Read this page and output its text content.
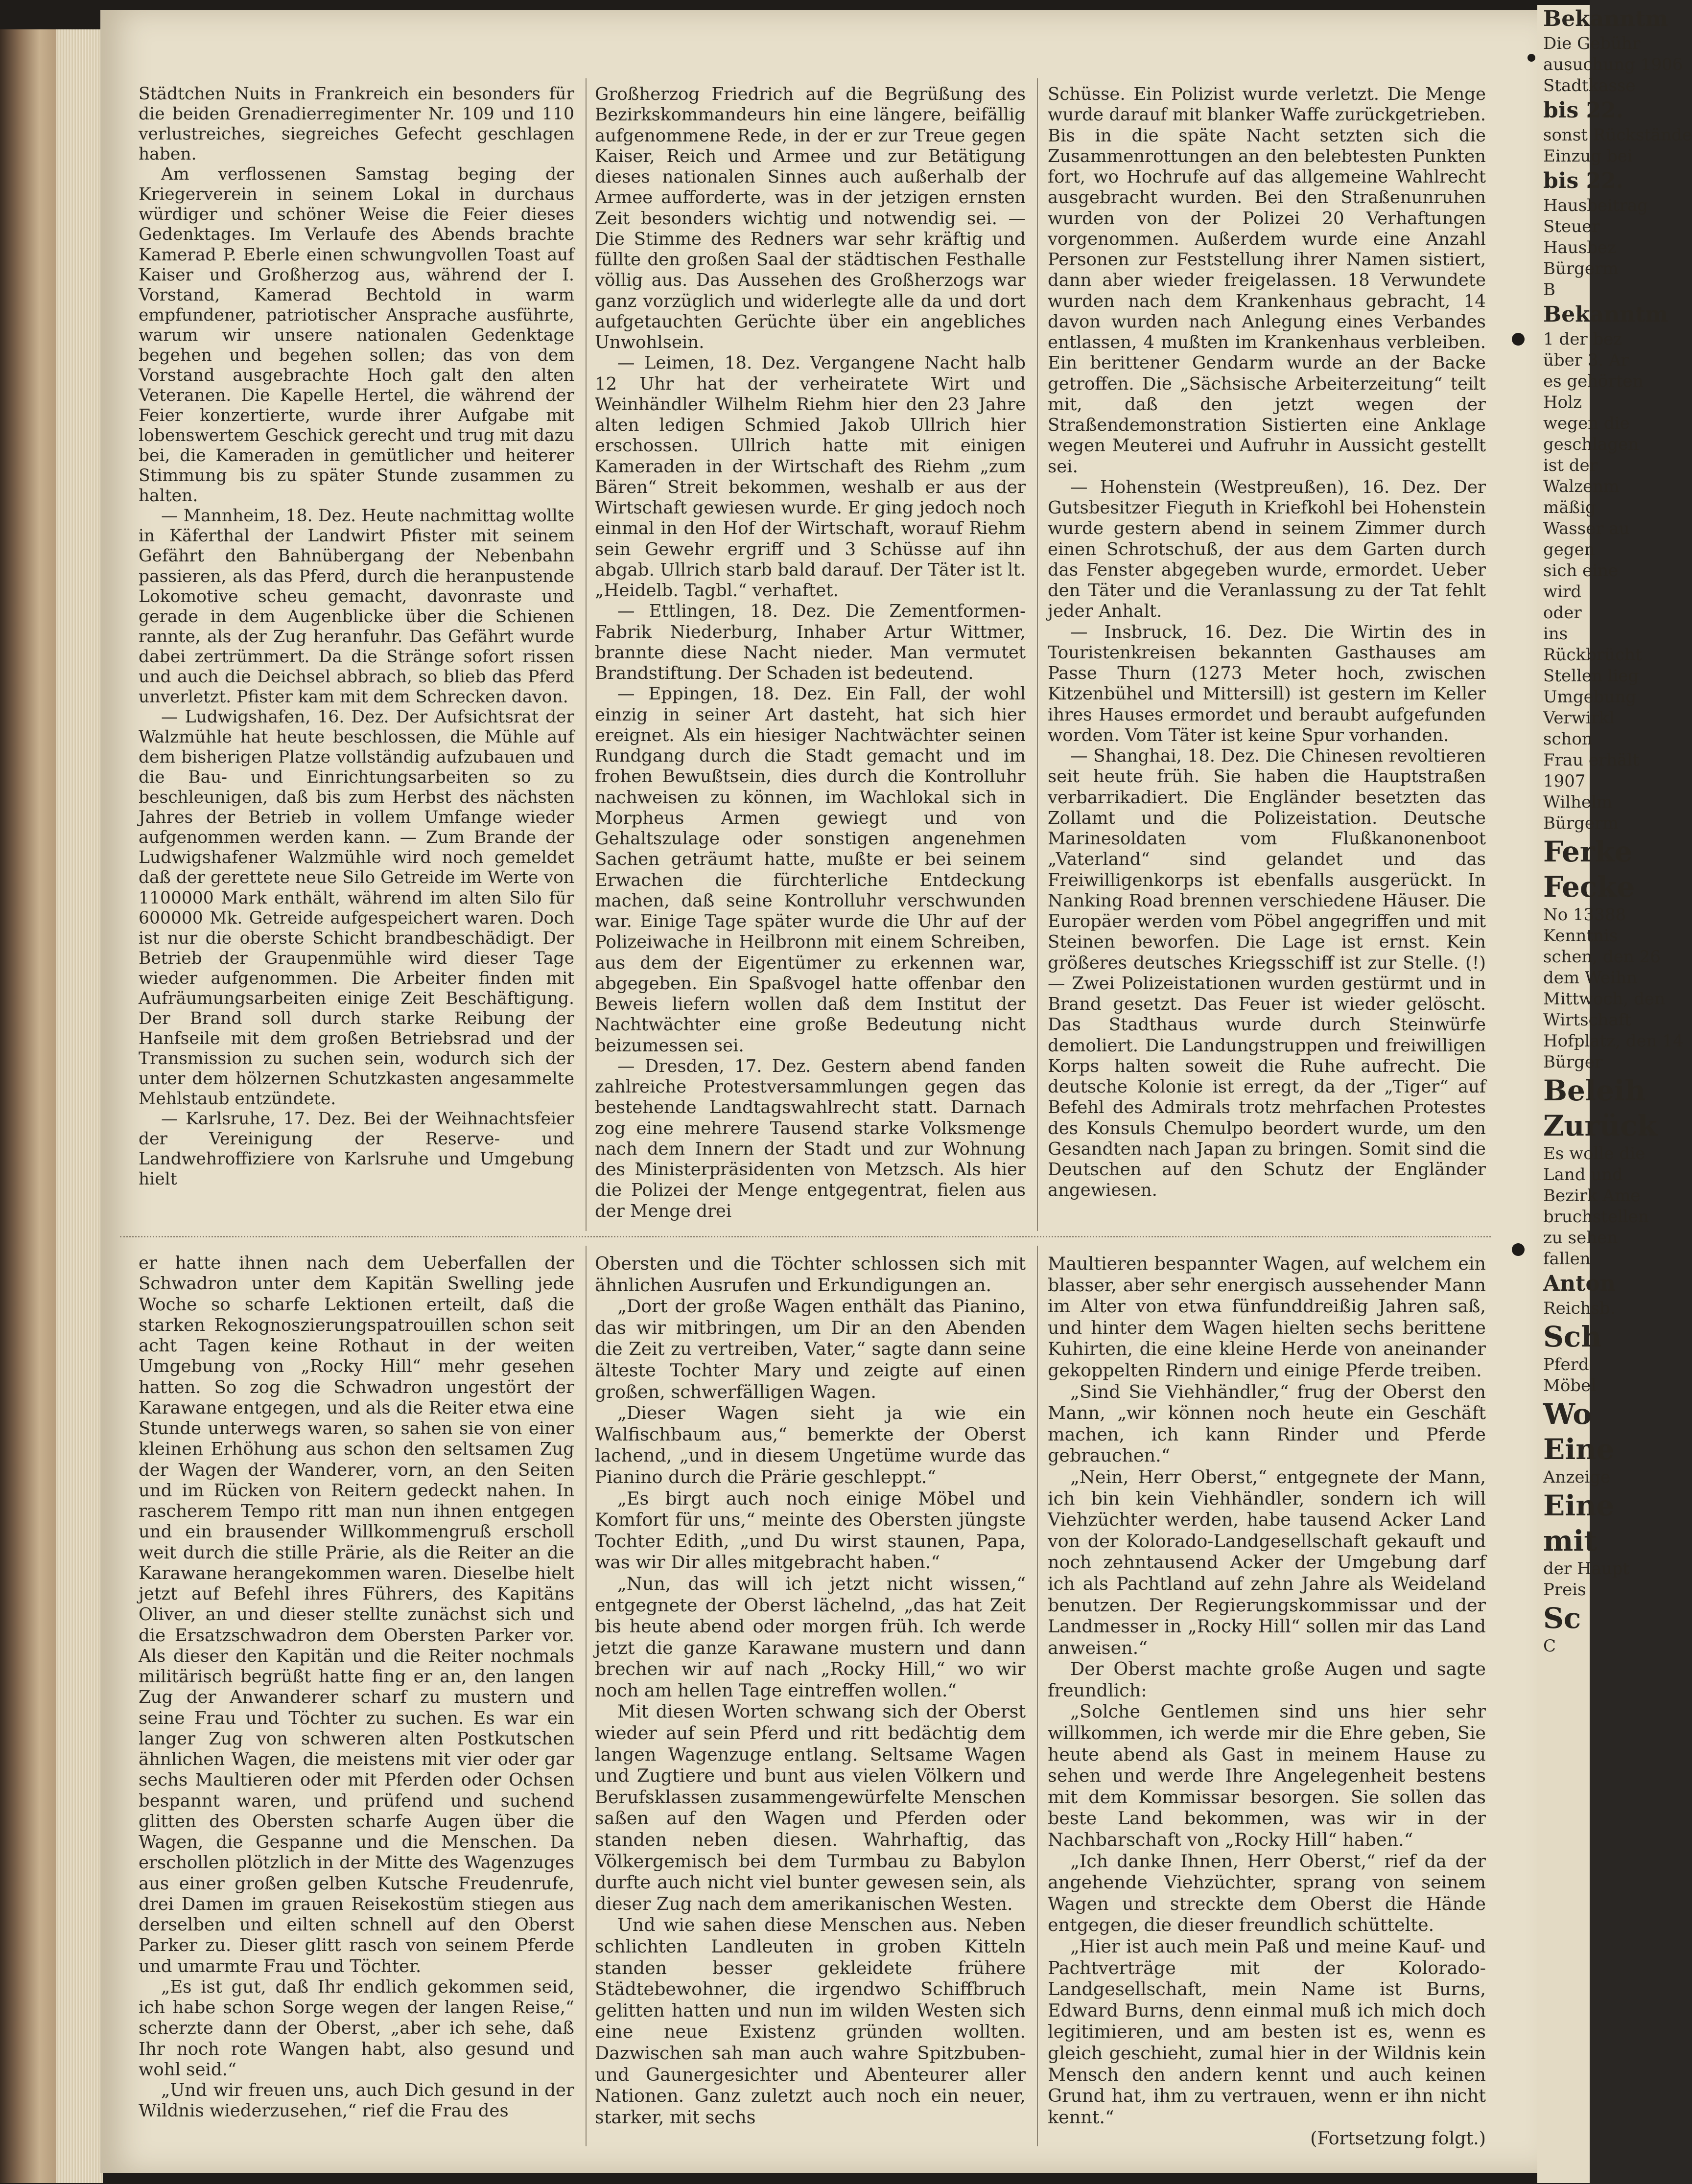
Städtchen Nuits in Frankreich ein besonders für die beiden Grenadierregimenter Nr. 109 und 110 verlustreiches, siegreiches Gefecht geschlagen haben.

Am verflossenen Samstag beging der Kriegerverein in seinem Lokal in durchaus würdiger und schöner Weise die Feier dieses Gedenktages. Im Verlaufe des Abends brachte Kamerad P. Eberle einen schwungvollen Toast auf Kaiser und Großherzog aus, während der I. Vorstand, Kamerad Bechtold in warm empfundener, patriotischer Ansprache ausführte, warum wir unsere nationalen Gedenktage begehen und begehen sollen; das von dem Vorstand ausgebrachte Hoch galt den alten Veteranen. Die Kapelle Hertel, die während der Feier konzertierte, wurde ihrer Aufgabe mit lobenswertem Geschick gerecht und trug mit dazu bei, die Kameraden in gemütlicher und heiterer Stimmung bis zu später Stunde zusammen zu halten.

— Mannheim, 18. Dez. Heute nachmittag wollte in Käferthal der Landwirt Pfister mit seinem Gefährt den Bahnübergang der Nebenbahn passieren, als das Pferd, durch die heranpustende Lokomotive scheu gemacht, davonraste und gerade in dem Augenblicke über die Schienen rannte, als der Zug heranfuhr. Das Gefährt wurde dabei zertrümmert. Da die Stränge sofort rissen und auch die Deichsel abbrach, so blieb das Pferd unverletzt. Pfister kam mit dem Schrecken davon.

— Ludwigshafen, 16. Dez. Der Aufsichtsrat der Walzmühle hat heute beschlossen, die Mühle auf dem bisherigen Platze vollständig aufzubauen und die Bau- und Einrichtungsarbeiten so zu beschleunigen, daß bis zum Herbst des nächsten Jahres der Betrieb in vollem Umfange wieder aufgenommen werden kann. — Zum Brande der Ludwigshafener Walzmühle wird noch gemeldet daß der gerettete neue Silo Getreide im Werte von 1100000 Mark enthält, während im alten Silo für 600000 Mk. Getreide aufgespeichert waren. Doch ist nur die oberste Schicht brandbeschädigt. Der Betrieb der Graupenmühle wird dieser Tage wieder aufgenommen. Die Arbeiter finden mit Aufräumungsarbeiten einige Zeit Beschäftigung. Der Brand soll durch starke Reibung der Hanfseile mit dem großen Betriebsrad und der Transmission zu suchen sein, wodurch sich der unter dem hölzernen Schutzkasten angesammelte Mehlstaub entzündete.

— Karlsruhe, 17. Dez. Bei der Weihnachtsfeier der Vereinigung der Reserve- und Landwehroffiziere von Karlsruhe und Umgebung hielt

Großherzog Friedrich auf die Begrüßung des Bezirkskommandeurs hin eine längere, beifällig aufgenommene Rede, in der er zur Treue gegen Kaiser, Reich und Armee und zur Betätigung dieses nationalen Sinnes auch außerhalb der Armee aufforderte, was in der jetzigen ernsten Zeit besonders wichtig und notwendig sei. — Die Stimme des Redners war sehr kräftig und füllte den großen Saal der städtischen Festhalle völlig aus. Das Aussehen des Großherzogs war ganz vorzüglich und widerlegte alle da und dort aufgetauchten Gerüchte über ein angebliches Unwohlsein.

— Leimen, 18. Dez. Vergangene Nacht halb 12 Uhr hat der verheiratete Wirt und Weinhändler Wilhelm Riehm hier den 23 Jahre alten ledigen Schmied Jakob Ullrich hier erschossen. Ullrich hatte mit einigen Kameraden in der Wirtschaft des Riehm „zum Bären“ Streit bekommen, weshalb er aus der Wirtschaft gewiesen wurde. Er ging jedoch noch einmal in den Hof der Wirtschaft, worauf Riehm sein Gewehr ergriff und 3 Schüsse auf ihn abgab. Ullrich starb bald darauf. Der Täter ist lt. „Heidelb. Tagbl.“ verhaftet.

— Ettlingen, 18. Dez. Die Zementformen-Fabrik Niederburg, Inhaber Artur Wittmer, brannte diese Nacht nieder. Man vermutet Brandstiftung. Der Schaden ist bedeutend.

— Eppingen, 18. Dez. Ein Fall, der wohl einzig in seiner Art dasteht, hat sich hier ereignet. Als ein hiesiger Nachtwächter seinen Rundgang durch die Stadt gemacht und im frohen Bewußtsein, dies durch die Kontrolluhr nachweisen zu können, im Wachlokal sich in Morpheus Armen gewiegt und von Gehaltszulage oder sonstigen angenehmen Sachen geträumt hatte, mußte er bei seinem Erwachen die fürchterliche Entdeckung machen, daß seine Kontrolluhr verschwunden war. Einige Tage später wurde die Uhr auf der Polizeiwache in Heilbronn mit einem Schreiben, aus dem der Eigentümer zu erkennen war, abgegeben. Ein Spaßvogel hatte offenbar den Beweis liefern wollen daß dem Institut der Nachtwächter eine große Bedeutung nicht beizumessen sei.

— Dresden, 17. Dez. Gestern abend fanden zahlreiche Protestversammlungen gegen das bestehende Landtagswahlrecht statt. Darnach zog eine mehrere Tausend starke Volksmenge nach dem Innern der Stadt und zur Wohnung des Ministerpräsidenten von Metzsch. Als hier die Polizei der Menge entgegentrat, fielen aus der Menge drei

Schüsse. Ein Polizist wurde verletzt. Die Menge wurde darauf mit blanker Waffe zurückgetrieben. Bis in die späte Nacht setzten sich die Zusammenrottungen an den belebtesten Punkten fort, wo Hochrufe auf das allgemeine Wahlrecht ausgebracht wurden. Bei den Straßenunruhen wurden von der Polizei 20 Verhaftungen vorgenommen. Außerdem wurde eine Anzahl Personen zur Feststellung ihrer Namen sistiert, dann aber wieder freigelassen. 18 Verwundete wurden nach dem Krankenhaus gebracht, 14 davon wurden nach Anlegung eines Verbandes entlassen, 4 mußten im Krankenhaus verbleiben. Ein berittener Gendarm wurde an der Backe getroffen. Die „Sächsische Arbeiterzeitung“ teilt mit, daß den jetzt wegen der Straßendemonstration Sistierten eine Anklage wegen Meuterei und Aufruhr in Aussicht gestellt sei.

— Hohenstein (Westpreußen), 16. Dez. Der Gutsbesitzer Fieguth in Kriefkohl bei Hohenstein wurde gestern abend in seinem Zimmer durch einen Schrotschuß, der aus dem Garten durch das Fenster abgegeben wurde, ermordet. Ueber den Täter und die Veranlassung zu der Tat fehlt jeder Anhalt.

— Insbruck, 16. Dez. Die Wirtin des in Touristenkreisen bekannten Gasthauses am Passe Thurn (1273 Meter hoch, zwischen Kitzenbühel und Mittersill) ist gestern im Keller ihres Hauses ermordet und beraubt aufgefunden worden. Vom Täter ist keine Spur vorhanden.

— Shanghai, 18. Dez. Die Chinesen revoltieren seit heute früh. Sie haben die Hauptstraßen verbarrikadiert. Die Engländer besetzten das Zollamt und die Polizeistation. Deutsche Marinesoldaten vom Flußkanonenboot „Vaterland“ sind gelandet und das Freiwilligenkorps ist ebenfalls ausgerückt. In Nanking Road brennen verschiedene Häuser. Die Europäer werden vom Pöbel angegriffen und mit Steinen beworfen. Die Lage ist ernst. Kein größeres deutsches Kriegsschiff ist zur Stelle. (!) — Zwei Polizeistationen wurden gestürmt und in Brand gesetzt. Das Feuer ist wieder gelöscht. Das Stadthaus wurde durch Steinwürfe demoliert. Die Landungstruppen und freiwilligen Korps halten soweit die Ruhe aufrecht. Die deutsche Kolonie ist erregt, da der „Tiger“ auf Befehl des Admirals trotz mehrfachen Protestes des Konsuls Chemulpo beordert wurde, um den Gesandten nach Japan zu bringen. Somit sind die Deutschen auf den Schutz der Engländer angewiesen.

er hatte ihnen nach dem Ueberfallen der Schwadron unter dem Kapitän Swelling jede Woche so scharfe Lektionen erteilt, daß die starken Rekognoszierungspatrouillen schon seit acht Tagen keine Rothaut in der weiten Umgebung von „Rocky Hill“ mehr gesehen hatten. So zog die Schwadron ungestört der Karawane entgegen, und als die Reiter etwa eine Stunde unterwegs waren, so sahen sie von einer kleinen Erhöhung aus schon den seltsamen Zug der Wagen der Wanderer, vorn, an den Seiten und im Rücken von Reitern gedeckt nahen. In rascherem Tempo ritt man nun ihnen entgegen und ein brausender Willkommengruß erscholl weit durch die stille Prärie, als die Reiter an die Karawane herangekommen waren. Dieselbe hielt jetzt auf Befehl ihres Führers, des Kapitäns Oliver, an und dieser stellte zunächst sich und die Ersatzschwadron dem Obersten Parker vor. Als dieser den Kapitän und die Reiter nochmals militärisch begrüßt hatte fing er an, den langen Zug der Anwanderer scharf zu mustern und seine Frau und Töchter zu suchen. Es war ein langer Zug von schweren alten Postkutschen ähnlichen Wagen, die meistens mit vier oder gar sechs Maultieren oder mit Pferden oder Ochsen bespannt waren, und prüfend und suchend glitten des Obersten scharfe Augen über die Wagen, die Gespanne und die Menschen. Da erschollen plötzlich in der Mitte des Wagenzuges aus einer großen gelben Kutsche Freudenrufe, drei Damen im grauen Reisekostüm stiegen aus derselben und eilten schnell auf den Oberst Parker zu. Dieser glitt rasch von seinem Pferde und umarmte Frau und Töchter.

„Es ist gut, daß Ihr endlich gekommen seid, ich habe schon Sorge wegen der langen Reise,“ scherzte dann der Oberst, „aber ich sehe, daß Ihr noch rote Wangen habt, also gesund und wohl seid.“

„Und wir freuen uns, auch Dich gesund in der Wildnis wiederzusehen,“ rief die Frau des

Obersten und die Töchter schlossen sich mit ähnlichen Ausrufen und Erkundigungen an.

„Dort der große Wagen enthält das Pianino, das wir mitbringen, um Dir an den Abenden die Zeit zu vertreiben, Vater,“ sagte dann seine älteste Tochter Mary und zeigte auf einen großen, schwerfälligen Wagen.

„Dieser Wagen sieht ja wie ein Walfischbaum aus,“ bemerkte der Oberst lachend, „und in diesem Ungetüme wurde das Pianino durch die Prärie geschleppt.“

„Es birgt auch noch einige Möbel und Komfort für uns,“ meinte des Obersten jüngste Tochter Edith, „und Du wirst staunen, Papa, was wir Dir alles mitgebracht haben.“

„Nun, das will ich jetzt nicht wissen,“ entgegnete der Oberst lächelnd, „das hat Zeit bis heute abend oder morgen früh. Ich werde jetzt die ganze Karawane mustern und dann brechen wir auf nach „Rocky Hill,“ wo wir noch am hellen Tage eintreffen wollen.“

Mit diesen Worten schwang sich der Oberst wieder auf sein Pferd und ritt bedächtig dem langen Wagenzuge entlang. Seltsame Wagen und Zugtiere und bunt aus vielen Völkern und Berufsklassen zusammengewürfelte Menschen saßen auf den Wagen und Pferden oder standen neben diesen. Wahrhaftig, das Völkergemisch bei dem Turmbau zu Babylon durfte auch nicht viel bunter gewesen sein, als dieser Zug nach dem amerikanischen Westen.

Und wie sahen diese Menschen aus. Neben schlichten Landleuten in groben Kitteln standen besser gekleidete frühere Städtebewohner, die irgendwo Schiffbruch gelitten hatten und nun im wilden Westen sich eine neue Existenz gründen wollten. Dazwischen sah man auch wahre Spitzbuben- und Gaunergesichter und Abenteurer aller Nationen. Ganz zuletzt auch noch ein neuer, starker, mit sechs

Maultieren bespannter Wagen, auf welchem ein blasser, aber sehr energisch aussehender Mann im Alter von etwa fünfunddreißig Jahren saß, und hinter dem Wagen hielten sechs berittene Kuhirten, die eine kleine Herde von aneinander gekoppelten Rindern und einige Pferde treiben.

„Sind Sie Viehhändler,“ frug der Oberst den Mann, „wir können noch heute ein Geschäft machen, ich kann Rinder und Pferde gebrauchen.“

„Nein, Herr Oberst,“ entgegnete der Mann, ich bin kein Viehhändler, sondern ich will Viehzüchter werden, habe tausend Acker Land von der Kolorado-Landgesellschaft gekauft und noch zehntausend Acker der Umgebung darf ich als Pachtland auf zehn Jahre als Weideland benutzen. Der Regierungskommissar und der Landmesser in „Rocky Hill“ sollen mir das Land anweisen.“

Der Oberst machte große Augen und sagte freundlich:

„Solche Gentlemen sind uns hier sehr willkommen, ich werde mir die Ehre geben, Sie heute abend als Gast in meinem Hause zu sehen und werde Ihre Angelegenheit bestens mit dem Kommissar besorgen. Sie sollen das beste Land bekommen, was wir in der Nachbarschaft von „Rocky Hill“ haben.“

„Ich danke Ihnen, Herr Oberst,“ rief da der angehende Viehzüchter, sprang von seinem Wagen und streckte dem Oberst die Hände entgegen, die dieser freundlich schüttelte.

„Hier ist auch mein Paß und meine Kauf- und Pachtverträge mit der Kolorado-Landgesellschaft, mein Name ist Burns, Edward Burns, denn einmal muß ich mich doch legitimieren, und am besten ist es, wenn es gleich geschieht, zumal hier in der Wildnis kein Mensch den andern kennt und auch keinen Grund hat, ihm zu vertrauen, wenn er ihn nicht kennt.“

(Fortsetzung folgt.)

Bekanntm
Die Gebühr
ausuchung 1906
Stadtkasse
bis 22.
sonst Rückstände
Einzug bei
bis 22.
Hausbeitrag
Steuer
Hausbez
Bürgerm
B
Bekanntm
1 der bez
über 3. Ar
es gehörten
Holz
wegen die
geschlagen
ist der
Walzenm
mäßig
Wasser au
gegen
sich eine
wird
oder
ins
Rückbrücht
Stellen lieg
Umgebung
Verwirkl
schon
Frau erhält
1907
Wilhelm
Bürgerm
Ferke
Fecke
No 13388
Kenntnis
schen, den 26
dem Weihn
Mittwoch, den
Wirtschaft
Hofplatz, den 14
Bürger
Beleih
Zurück
Es wolle die
Land und
Bezirk Ame
bruchstellen
zu sehen
fallen
Anton
Reichsb.
Sch
Pferd
Möbel
Wo
Eine
Anzeige
Eine
mit
der Haupt
Preis
Sc
C
